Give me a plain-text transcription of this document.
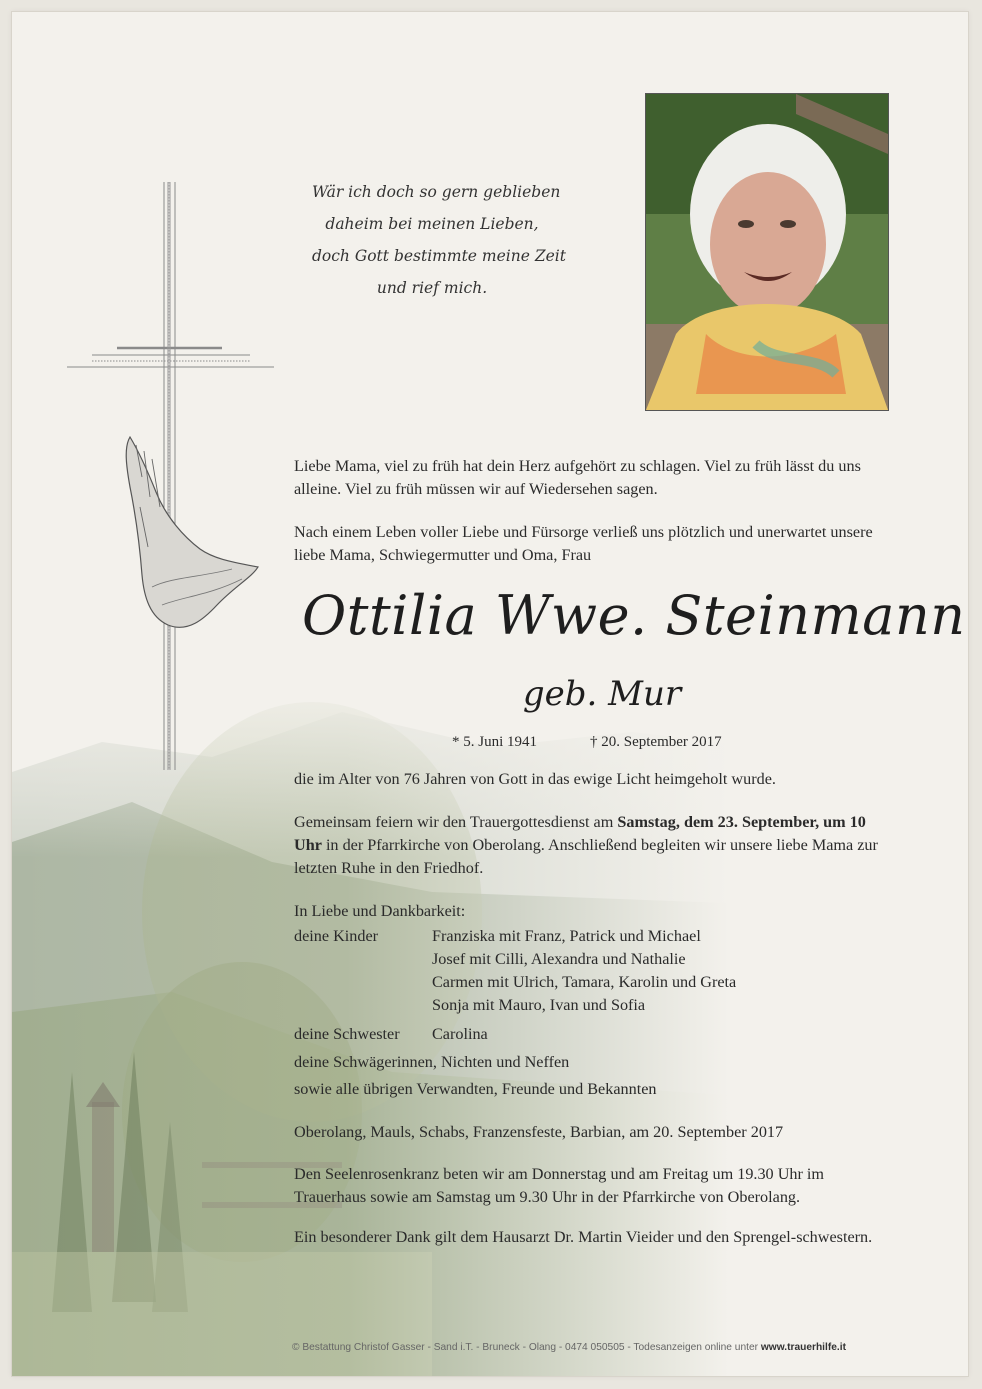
Wär ich doch so gern geblieben
daheim bei meinen Lieben,
doch Gott bestimmte meine Zeit
und rief mich.
Liebe Mama, viel zu früh hat dein Herz aufgehört zu schlagen. Viel zu früh lässt du uns alleine. Viel zu früh müssen wir auf Wiedersehen sagen.
Nach einem Leben voller Liebe und Fürsorge verließ uns plötzlich und unerwartet unsere liebe Mama, Schwiegermutter und Oma, Frau
Ottilia Wwe. Steinmann
geb. Mur
* 5. Juni 1941	† 20. September 2017
die im Alter von 76 Jahren von Gott in das ewige Licht heimgeholt wurde.
Gemeinsam feiern wir den Trauergottesdienst am Samstag, dem 23. September, um 10 Uhr in der Pfarrkirche von Oberolang. Anschließend begleiten wir unsere liebe Mama zur letzten Ruhe in den Friedhof.
In Liebe und Dankbarkeit:
deine Kinder	Franziska mit Franz, Patrick und Michael
Josef mit Cilli, Alexandra und Nathalie
Carmen mit Ulrich, Tamara, Karolin und Greta
Sonja mit Mauro, Ivan und Sofia
deine Schwester Carolina
deine Schwägerinnen, Nichten und Neffen
sowie alle übrigen Verwandten, Freunde und Bekannten
Oberolang, Mauls, Schabs, Franzensfeste, Barbian, am 20. September 2017
Den Seelenrosenkranz beten wir am Donnerstag und am Freitag um 19.30 Uhr im Trauerhaus sowie am Samstag um 9.30 Uhr in der Pfarrkirche von Oberolang.
Ein besonderer Dank gilt dem Hausarzt Dr. Martin Vieider und den Sprengel-schwestern.
© Bestattung Christof Gasser - Sand i.T. - Bruneck - Olang - 0474 050505 - Todesanzeigen online unter www.trauerhilfe.it
